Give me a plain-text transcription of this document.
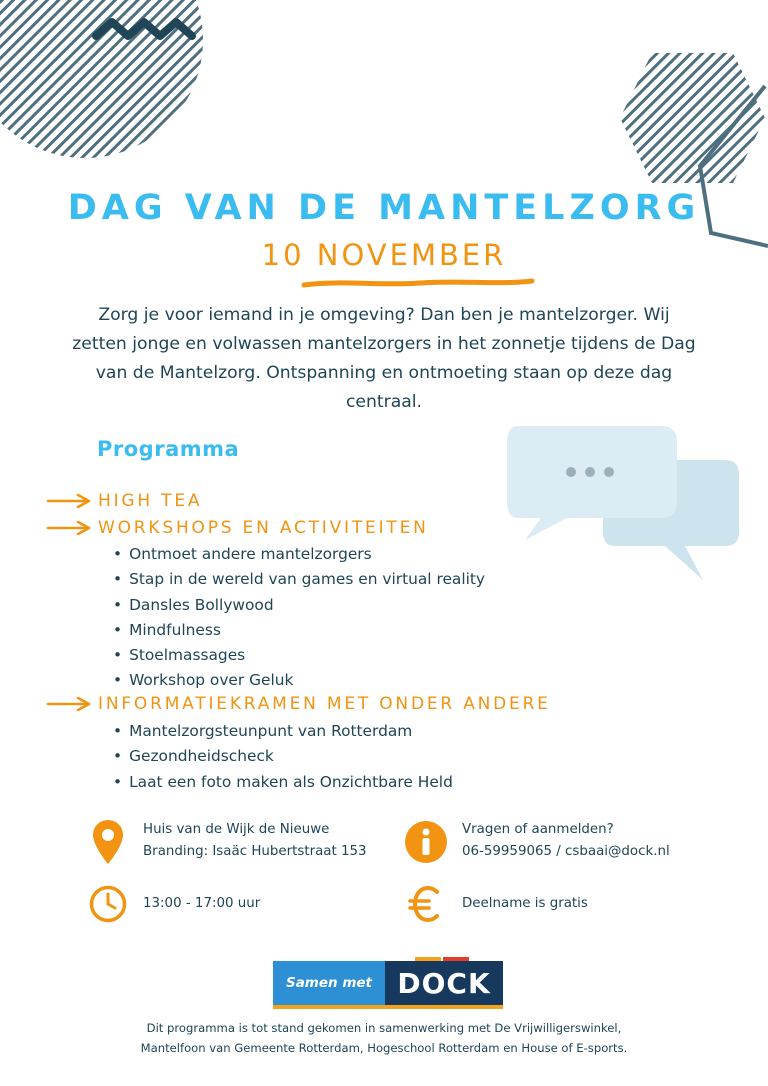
DAG VAN DE MANTELZORG
10 NOVEMBER

Zorg je voor iemand in je omgeving? Dan ben je mantelzorger. Wij zetten jonge en volwassen mantelzorgers in het zonnetje tijdens de Dag van de Mantelzorg. Ontspanning en ontmoeting staan op deze dag centraal.

Programma
HIGH TEA
WORKSHOPS EN ACTIVITEITEN
• Ontmoet andere mantelzorgers
• Stap in de wereld van games en virtual reality
• Dansles Bollywood
• Mindfulness
• Stoelmassages
• Workshop over Geluk
INFORMATIEKRAMEN MET ONDER ANDERE
• Mantelzorgsteunpunt van Rotterdam
• Gezondheidscheck
• Laat een foto maken als Onzichtbare Held
Huis van de Wijk de Nieuwe
Branding: Isaäc Hubertstraat 153
Vragen of aanmelden?
06-59959065 / csbaai@dock.nl
13:00 - 17:00 uur	Deelname is gratis
Samen met DOCK

Dit programma is tot stand gekomen in samenwerking met De Vrijwilligerswinkel,
Mantelfoon van Gemeente Rotterdam, Hogeschool Rotterdam en House of E-sports.
